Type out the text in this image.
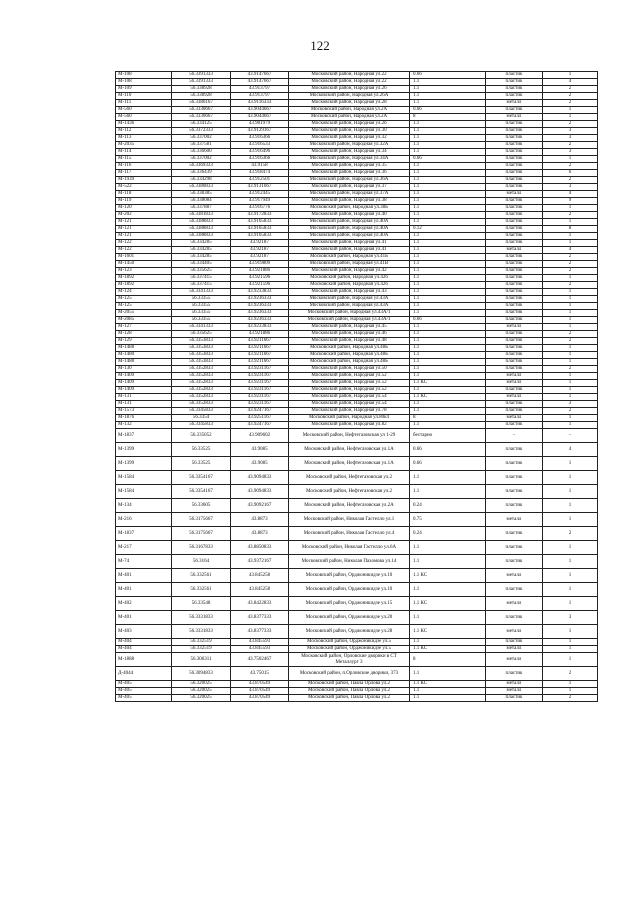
122
М-108	56.3391333	43.9147667	Московский район, Народная ул.22	0.66	пластик	1
М-108	56.3391333	43.9147667	Московский район, Народная ул.22	1.1	пластик	4
М-109	56.338928	43.913797	Московский район, Народная ул.26	1.1	пластик	2
М-110	56.338928	43.913797	Московский район, Народная ул.26А	1.1	пластик	2
М-111	56.3386167	43.9116333	Московский район, Народная ул.28	1.1	металл	2
М-560	56.3330667	43.9044667	Московский район, Народная ул.2А	0.66	пластик	1
М-560	56.3330667	43.9044667	Московский район, Народная ул.2А	8	металл	1
М-1436	56.334125	43.901979	Московский район, Народная ул.2б	1.1	пластик	2
М-112	56.3372333	43.9129167	Московский район, Народная ул.30	1.1	пластик	3
М-113	56.337002	43.916366	Московский район, Народная ул.32	1.1	пластик	3
М-2035	56.337581	43.916533	Московский район, Народная ул.32А	1.1	пластик	2
М-114	56.336600	43.916496	Московский район, Народная ул.34	1.1	пластик	3
М-115	56.337002	43.916366	Московский район, Народная ул.34А	0.66	пластик	1
М-116	56.3369333	43.9158	Московский район, Народная ул.35	1.1	пластик	2
М-117	56.336439	43.918474	Московский район, Народная ул.36	1.1	пластик	6
М-1939	56.334298	43.912501	Московский район, Народная ул.36А	1.1	пластик	2
М-522	56.3380833	43.9131667	Московский район, Народная ул.37	1.1	пластик	3
М-118	56.338385	43.912445	Московский район, Народная ул.37А	1.1	металл	4
М-119	56.338084	43.917949	Московский район, Народная ул.38	1.1	пластик	9
М-120	56.337887	43.916776	Московский район, Народная ул.38Б	1.1	пластик	1
М-202	56.3381833	43.9172833	Московский район, Народная ул.40	1.1	пластик	2
М-121	56.3388833	43.9165833	Московский район, Народная ул.40А	1.1	пластик	1
М-121	56.3388833	43.9165833	Московский район, Народная ул.40А	0.12	пластик	8
М-121	56.3388833	43.9165833	Московский район, Народная ул.40А	1.1	пластик	1
М-122	56.334285	43.92187	Московский район, Народная ул.41	1.1	пластик	1
М-122	56.334285	43.92187	Московский район, Народная ул.41	1.1	металл	4
М-1601	56.334285	43.92187	Московский район, Народная ул.41Б	1.1	пластик	2
М-1450	56.334405	43.919809	Московский район, Народная ул.41В	1.1	пластик	2
М-123	56.335625	43.921886	Московский район, Народная ул.42	1.1	пластик	2
М-1892	56.337415	43.921596	Московский район, Народная ул.42б	1.1	пластик	1
М-1892	56.337415	43.921596	Московский район, Народная ул.42б	1.1	пластик	2
М-124	56.3341333	43.9233833	Московский район, Народная ул.43	1.1	пластик	1
М-125	56.33355	43.9236333	Московский район, Народная ул.43А	1.1	пластик	1
М-125	56.33355	43.9236333	Московский район, Народная ул.43А	1.1	пластик	1
М-2055	56.33355	43.9236333	Московский район, Народная ул.43А/1	1.1	пластик	1
М-2085	56.33355	43.9236333	Московский район, Народная ул.43А/1	0.66	пластик	1
М-127	56.3341333	43.9233833	Московский район, Народная ул.45	1.1	металл	1
М-128	56.335625	43.921886	Московский район, Народная ул.46	1.1	пластик	2
М-129	56.3353833	43.9211667	Московский район, Народная ул.48	1.1	пластик	2
М-1488	56.3353833	43.9211667	Московский район, Народная ул.48Б	1.1	пластик	1
М-1480	56.3353833	43.9211667	Московский район, Народная ул.48Б	1.1	пластик	1
М-1488	56.3353833	43.9211667	Московский район, Народная ул.48Б	1.1	пластик	1
М-130	56.3352833	43.9231167	Московский район, Народная ул.50	1.1	пластик	2
М-1409	56.3352833	43.9231167	Московский район, Народная ул.52	1.1	металл	1
М-1409	56.3352833	43.9231167	Московский район, Народная ул.52	1.1 КС	металл	1
М-1409	56.3352833	43.9231167	Московский район, Народная ул.52	1.1	пластик	1
М-131	56.3352833	43.9231167	Московский район, Народная ул.54	1.1 КС	металл	1
М-131	56.3352833	43.9231167	Московский район, Народная ул.54	1.1	пластик	3
М-1573	56.3345833	43.9247167	Московский район, Народная ул.78	1.1	пластик	2
М-1876	56.3354	43.9251167	Московский район, Народная ул.80к4	8	металл	1
М-132	56.3345833	43.9247167	Московский район, Народная ул.82	1.1	пластик	1
М-1837	56.335052	43.909602	Московский район, Нефтегазовская ул 1-29	бестарно	-	-
М-1399	56.33525	43.9085	Московский район, Нефтегазовская ул.1А	0.66	пластик	4
М-1399	56.33525	43.9085	Московский район, Нефтегазовская ул.1А	0.66	пластик	1
М-1584	56.3354167	43.9094833	Московский район, Нефтегазовская ул.2	1.1	пластик	1
М-1584	56.3354167	43.9094833	Московский район, Нефтегазовская ул.2	1.1	пластик	1
М-134	56.33605	43.9092167	Московский район, Нефтегазовская ул.2А	0.24	пластик	1
М-216	56.3175667	43.8873	Московский район, Николая Гастелло ул.1	0.75	металл	1
М-1837	56.3175667	43.8873	Московский район, Николая Гастелло ул.4	0.24	пластик	2
М-217	56.3167833	43.8850833	Московский район, Николая Гастелло ул.6А	1.1	пластик	1
М-74	56.3164	43.9372167	Московский район, Николая Пахомова ул.14	1.1	пластик	1
М-401	56.332561	43.845258	Московский район, Орджоникидзе ул.10	1.1 КС	металл	1
М-401	56.332561	43.845258	Московский район, Орджоникидзе ул.10	1.1	пластик	1
М-402	56.33548	43.8422833	Московский район, Орджоникидзе ул.15	1.1 КС	металл	1
М-401	56.3331833	43.8377333	Московский район, Орджоникидзе ул.20	1.1	пластик	3
М-403	56.3331833	43.8377333	Московский район, Орджоникидзе ул.28	1.1 КС	металл	1
М-404	56.332519	43.845593	Московский район, Орджоникидзе ул.5	1.1	пластик	1
М-404	56.332519	43.845593	Московский район, Орджоникидзе ул.5	1.1 КС	металл	1
М-1888	56.306311	43.7502467	Московский район, Орловские дворики в СТ Металлург 3	8	металл	1
Д-4044	56.3094833	43.75015	Московский район, п.Орловские дворики, 373	1.1	пластик	2
М-405	56.320025	43.870549	Московский район, Павла Орлова ул.2	1.1 КС	металл	1
М-405	56.320025	43.870549	Московский район, Павла Орлова ул.2	1.1	металл	1
М-405	56.320025	43.870549	Московский район, Павла Орлова ул.2	1.1	пластик	2
